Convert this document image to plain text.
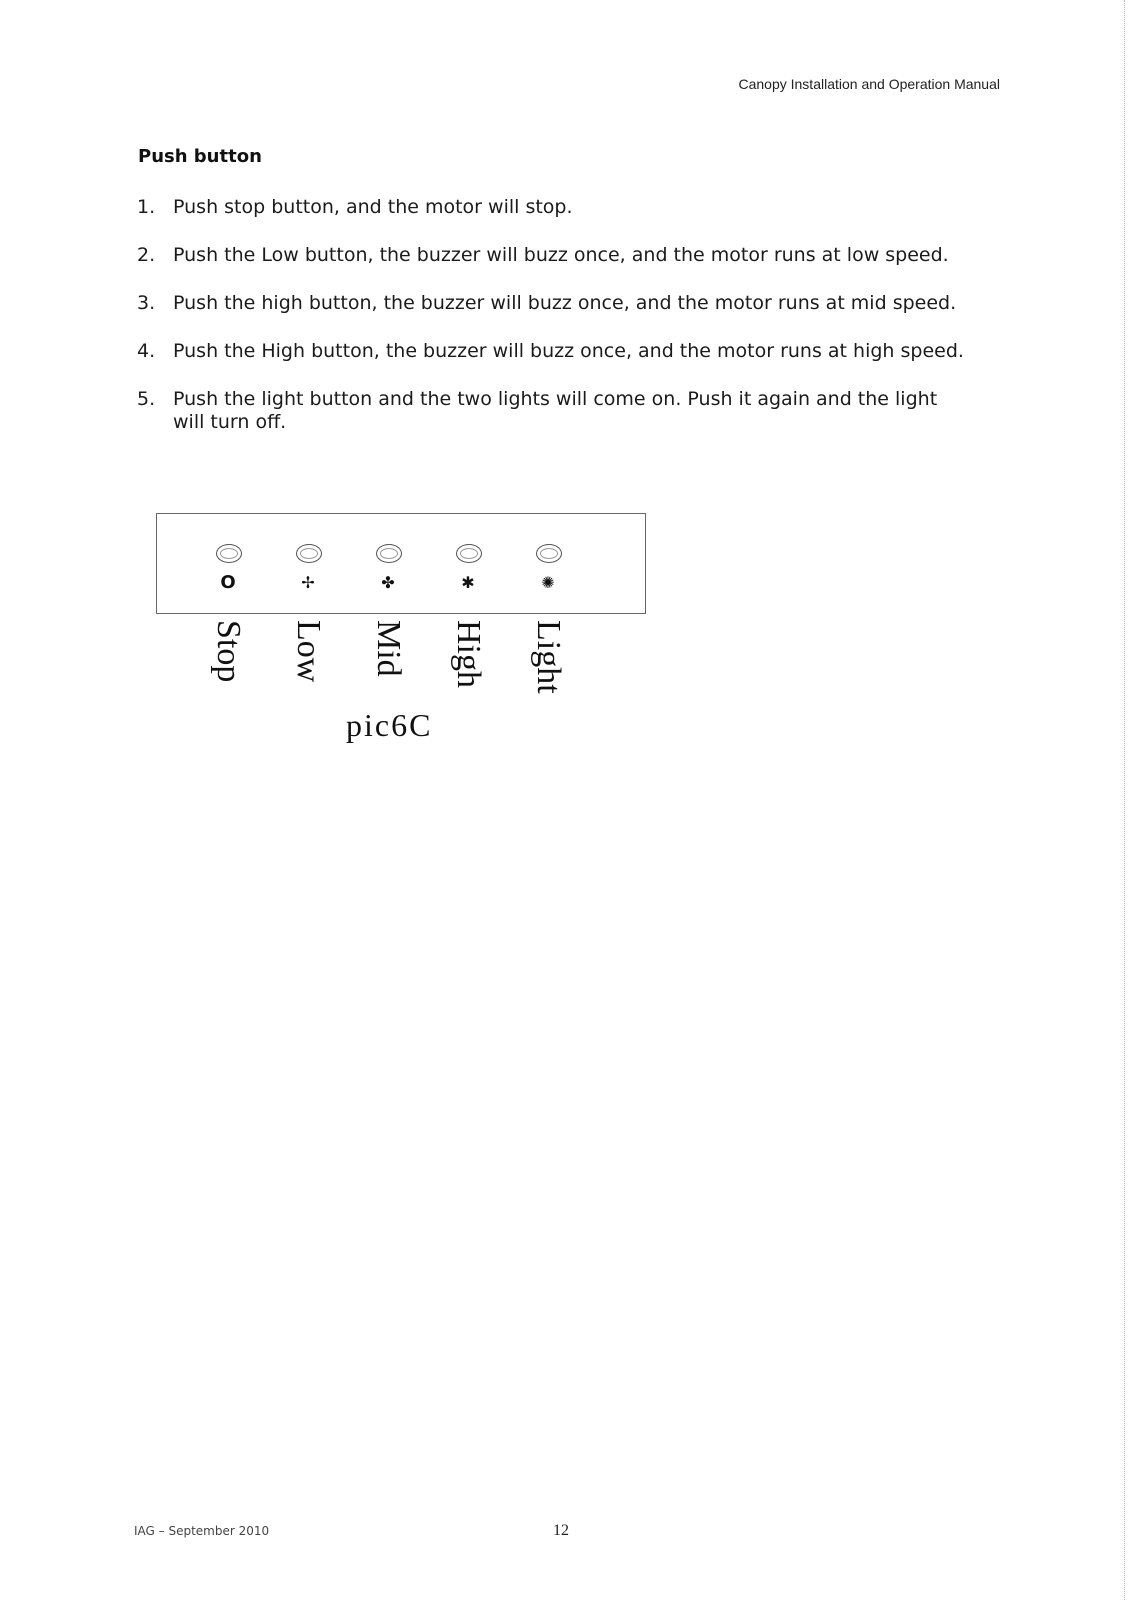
Canopy Installation and Operation Manual
Push button
1. Push stop button, and the motor will stop.
2. Push the Low button, the buzzer will buzz once, and the motor runs at low speed.
3. Push the high button, the buzzer will buzz once, and the motor runs at mid speed.
4. Push the High button, the buzzer will buzz once, and the motor runs at high speed.
5. Push the light button and the two lights will come on. Push it again and the light will turn off.
O	✢	✤	✱	✺
Stop Low Mid High Light
pic6C
IAG – September 2010	12
